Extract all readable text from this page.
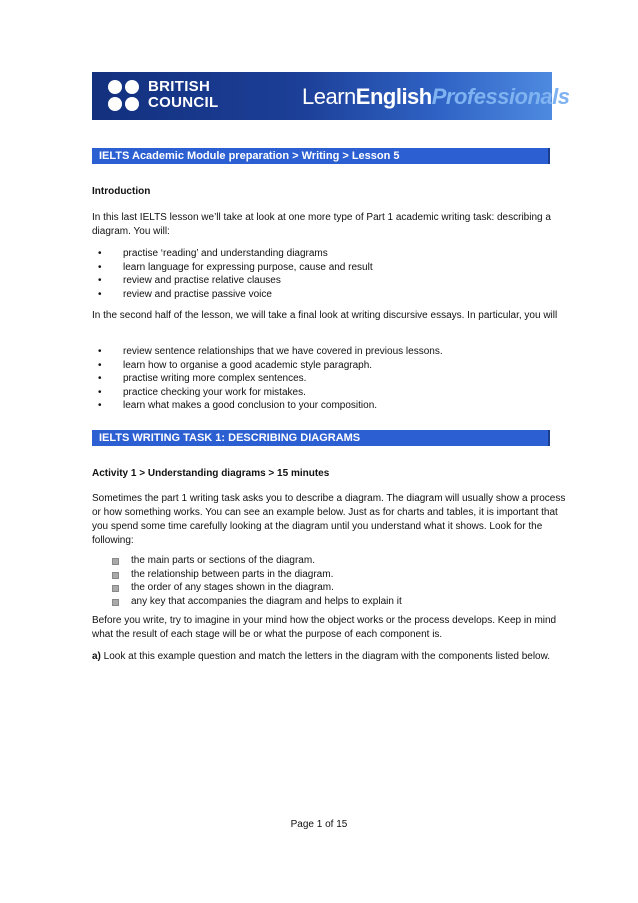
BRITISH
COUNCIL	LearnEnglishProfessionals
IELTS Academic Module preparation > Writing > Lesson 5
Introduction
In this last IELTS lesson we’ll take at look at one more type of Part 1 academic writing task: describing a diagram. You will:
• practise ‘reading’ and understanding diagrams
• learn language for expressing purpose, cause and result
• review and practise relative clauses
• review and practise passive voice
In the second half of the lesson, we will take a final look at writing discursive essays. In particular, you will
• review sentence relationships that we have covered in previous lessons.
• learn how to organise a good academic style paragraph.
• practise writing more complex sentences.
• practice checking your work for mistakes.
• learn what makes a good conclusion to your composition.
IELTS WRITING TASK 1: DESCRIBING DIAGRAMS
Activity 1 > Understanding diagrams > 15 minutes
Sometimes the part 1 writing task asks you to describe a diagram. The diagram will usually show a process or how something works. You can see an example below. Just as for charts and tables, it is important that you spend some time carefully looking at the diagram until you understand what it shows. Look for the following:
the main parts or sections of the diagram.
the relationship between parts in the diagram.
the order of any stages shown in the diagram.
any key that accompanies the diagram and helps to explain it
Before you write, try to imagine in your mind how the object works or the process develops. Keep in mind what the result of each stage will be or what the purpose of each component is.
a) Look at this example question and match the letters in the diagram with the components listed below.
Page 1 of 15
